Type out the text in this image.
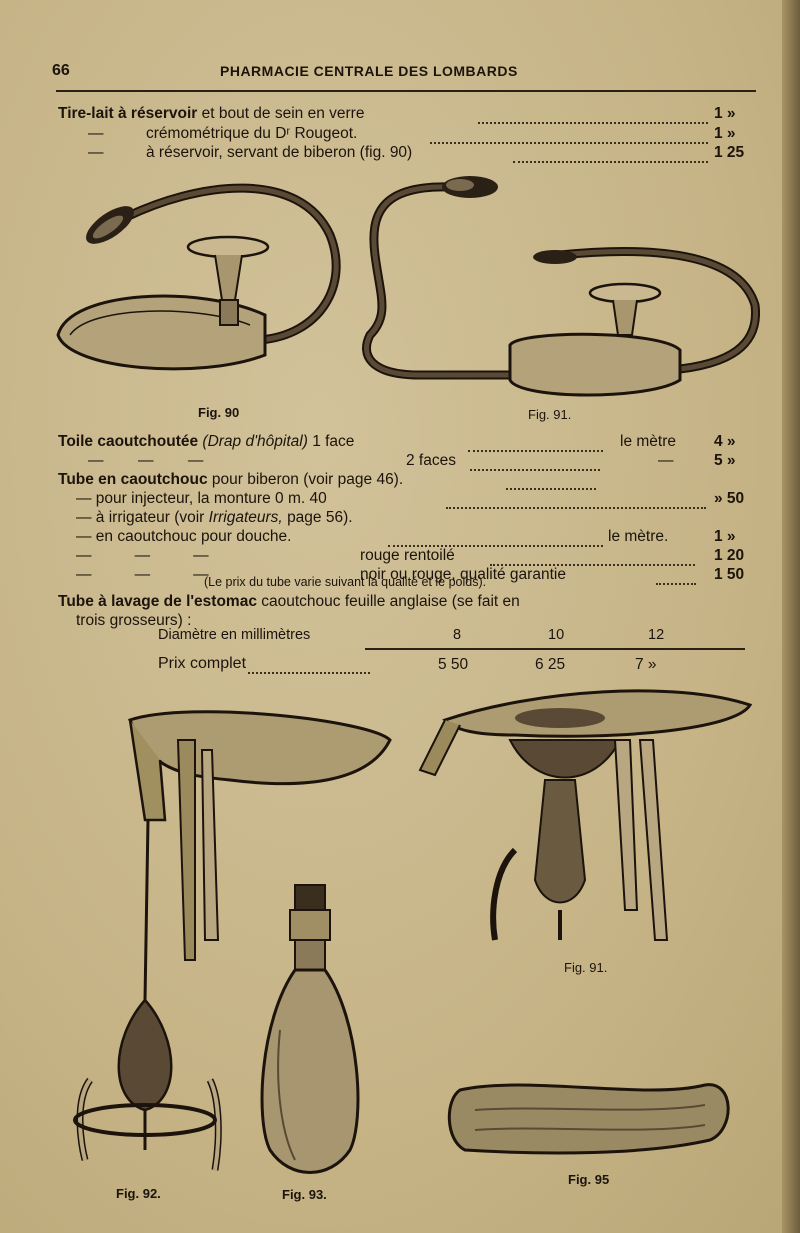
66	PHARMACIE CENTRALE DES LOMBARDS
Tire-lait à réservoir et bout de sein en verre	1 »
—	crémométrique du Dʳ Rougeot.	1 »
—	à réservoir, servant de biberon (fig. 90)	1 25
Fig. 90	Fig. 91.
Toile caoutchoutée (Drap d'hôpital) 1 face	le mètre 4 »
—        —        —	2 faces	—	5 »
Tube en caoutchouc pour biberon (voir page 46).
— pour injecteur, la monture 0 m. 40	» 50
— à irrigateur (voir Irrigateurs, page 56).
— en caoutchouc pour douche.	le mètre.	1 »
—          —          —	rouge rentoilé	1 20
—          —          —	noir ou rouge, qualité garantie	1 50
(Le prix du tube varie suivant la qualité et le poids).
Tube à lavage de l'estomac caoutchouc feuille anglaise (se fait en
trois grosseurs) :
Diamètre en millimètres	8	10	12
Prix complet	5 50	6 25	7 »
Fig. 92.	Fig. 93.
Fig. 91.
Fig. 95
